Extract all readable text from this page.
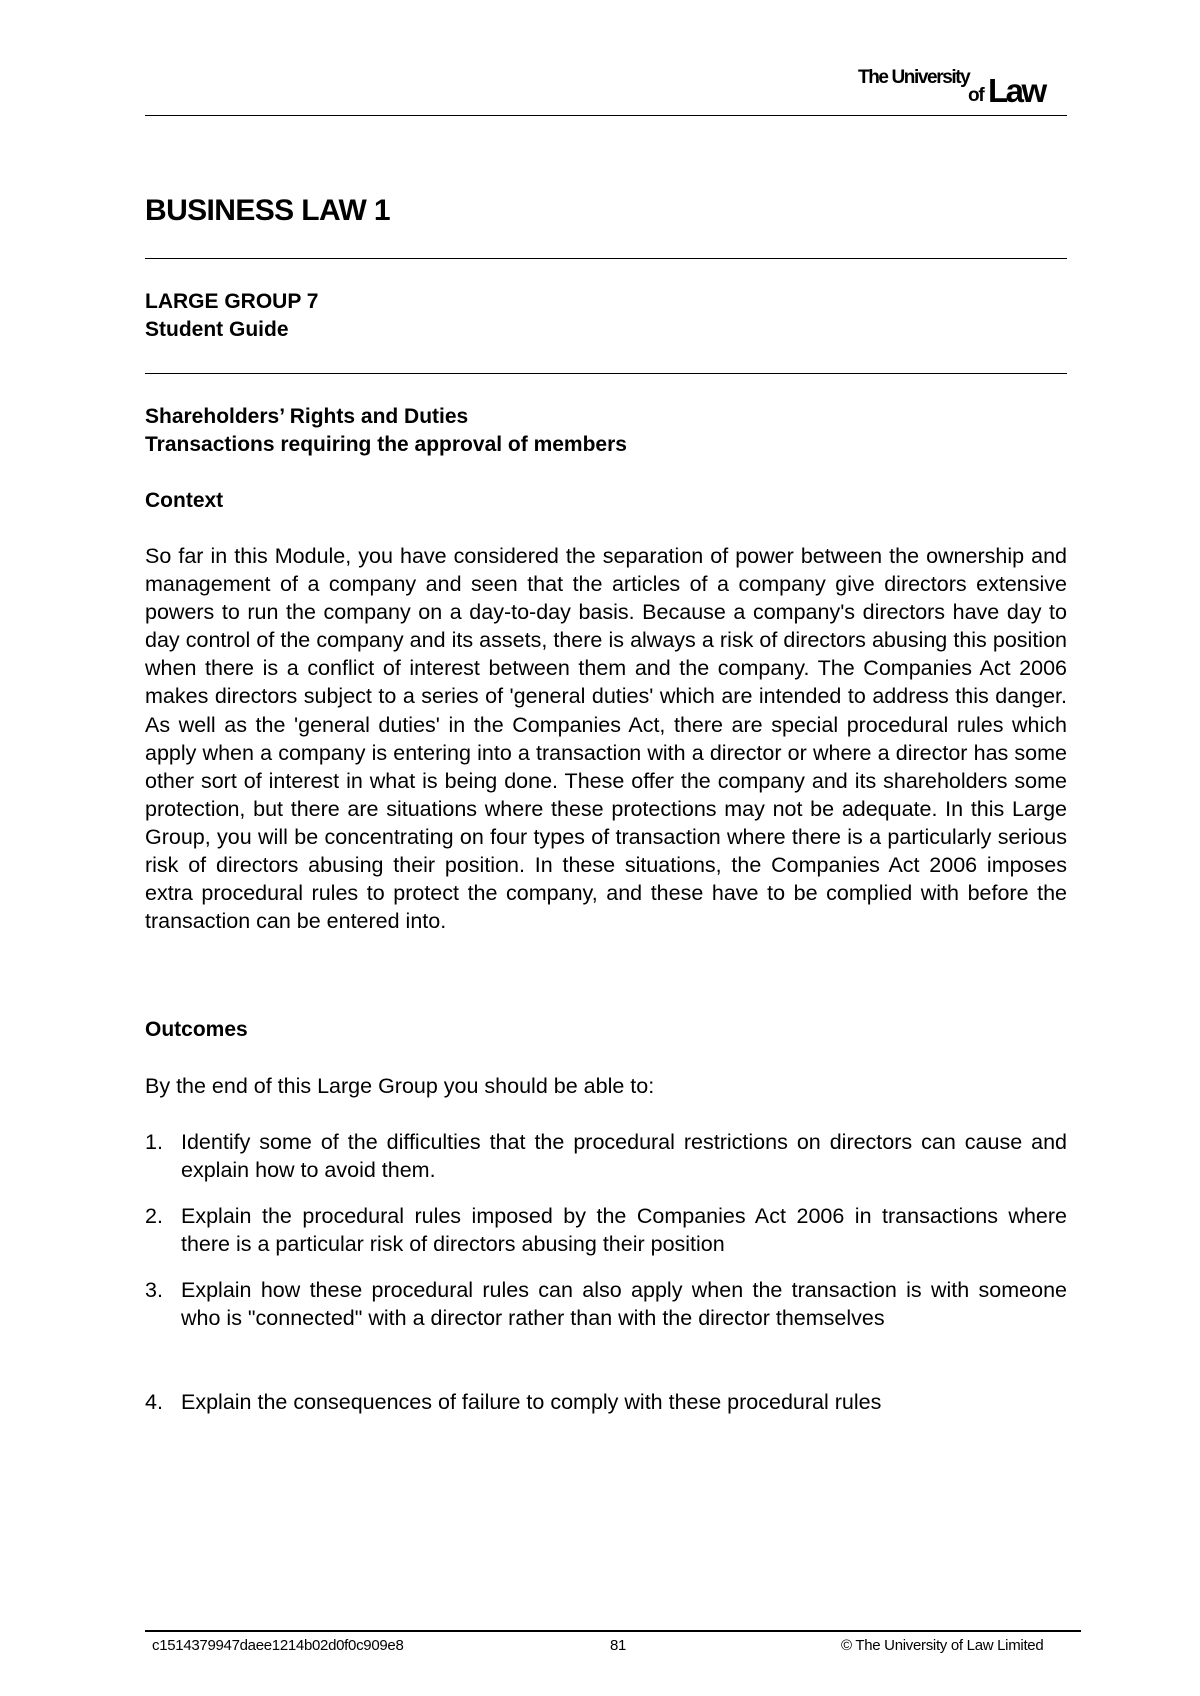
The University
of Law
BUSINESS LAW 1

LARGE GROUP 7

Student Guide

Shareholders’ Rights and Duties

Transactions requiring the approval of members

Context

So far in this Module, you have considered the separation of power between the ownership and management of a company and seen that the articles of a company give directors extensive powers to run the company on a day-to-day basis. Because a company's directors have day to day control of the company and its assets, there is always a risk of directors abusing this position when there is a conflict of interest between them and the company. The Companies Act 2006 makes directors subject to a series of 'general duties' which are intended to address this danger. As well as the 'general duties' in the Companies Act, there are special procedural rules which apply when a company is entering into a transaction with a director or where a director has some other sort of interest in what is being done. These offer the company and its shareholders some protection, but there are situations where these protections may not be adequate. In this Large Group, you will be concentrating on four types of transaction where there is a particularly serious risk of directors abusing their position. In these situations, the Companies Act 2006 imposes extra procedural rules to protect the company, and these have to be complied with before the transaction can be entered into.

Outcomes

By the end of this Large Group you should be able to:

1. Identify some of the difficulties that the procedural restrictions on directors can cause and explain how to avoid them.
2. Explain the procedural rules imposed by the Companies Act 2006 in transactions where there is a particular risk of directors abusing their position
3. Explain how these procedural rules can also apply when the transaction is with someone who is "connected" with a director rather than with the director themselves
4. Explain the consequences of failure to comply with these procedural rules
c1514379947daee1214b02d0f0c909e8	81	© The University of Law Limited
